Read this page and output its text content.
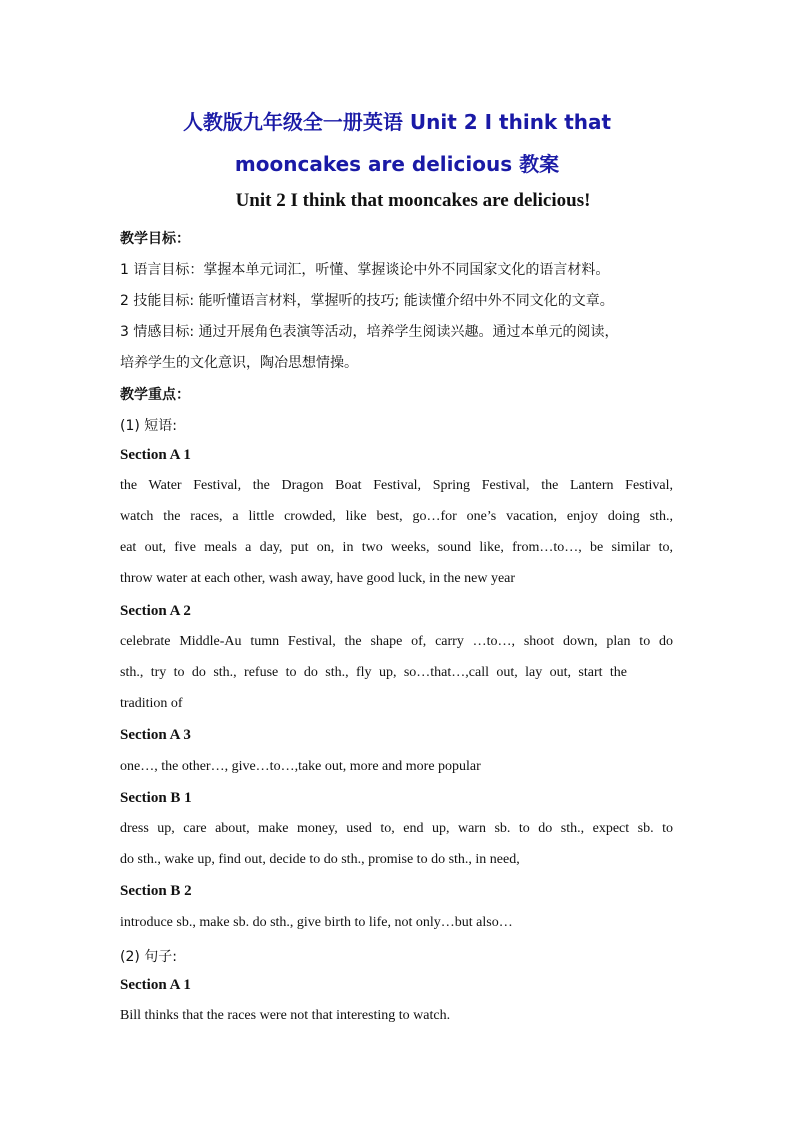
人教版九年级全一册英语 Unit 2 I think that
mooncakes are delicious 教案
Unit 2 I think that mooncakes are delicious!
教学目标：
1 语言目标：掌握本单元词汇，听懂、掌握谈论中外不同国家文化的语言材料。
2 技能目标: 能听懂语言材料，掌握听的技巧; 能读懂介绍中外不同文化的文章。
3 情感目标: 通过开展角色表演等活动，培养学生阅读兴趣。通过本单元的阅读，
培养学生的文化意识，陶冶思想情操。
教学重点：
(1) 短语:
Section A 1
the Water Festival, the Dragon Boat Festival, Spring Festival, the Lantern Festival,
watch the races, a little crowded, like best, go…for one’s vacation, enjoy doing sth.,
eat out, five meals a day, put on, in two weeks, sound like, from…to…, be similar to,
throw water at each other, wash away, have good luck, in the new year
Section A 2
celebrate Middle-Au tumn Festival, the shape of, carry …to…, shoot down, plan to do
sth., try to do sth., refuse to do sth., fly up, so…that…,call out, lay out, start the
tradition of
Section A 3
one…, the other…, give…to…,take out, more and more popular
Section B 1
dress up, care about, make money, used to, end up, warn sb. to do sth., expect sb. to
do sth., wake up, find out, decide to do sth., promise to do sth., in need,
Section B 2
introduce sb., make sb. do sth., give birth to life, not only…but also…
(2) 句子:
Section A 1
Bill thinks that the races were not that interesting to watch.
